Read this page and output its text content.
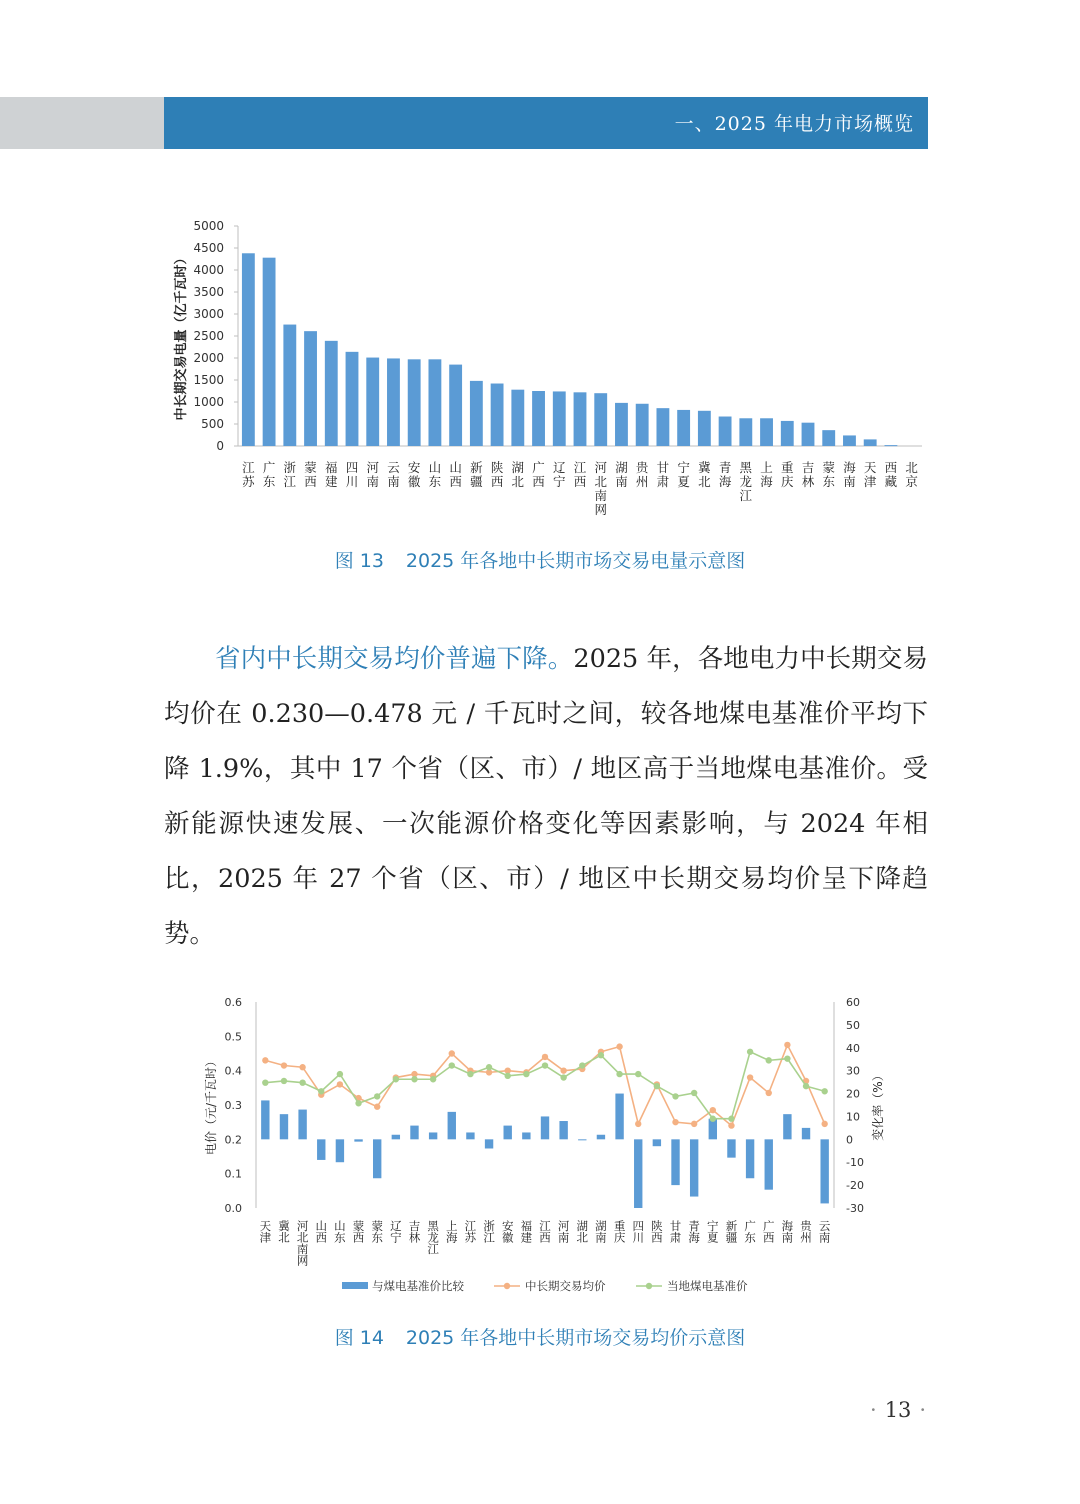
一、2025 年电力市场概览
0
500
1000
1500
2000
2500
3000
3500
4000
4500
5000
中长期交易电量（亿千瓦时）
江苏
广东
浙江
蒙西
福建
四川
河南
云南
安徽
山东
山西
新疆
陕西
湖北
广西
辽宁
江西
河北南网
湖南
贵州
甘肃
宁夏
冀北
青海
黑龙江
上海
重庆
吉林
蒙东
海南
天津
西藏
北京
图 13 2025 年各地中长期市场交易电量示意图
省内中长期交易均价普遍下降。2025 年，各地电力中长期交易均价在 0.230—0.478 元 / 千瓦时之间，较各地煤电基准价平均下降 1.9%，其中 17 个省（区、市）/ 地区高于当地煤电基准价。受新能源快速发展、一次能源价格变化等因素影响，与 2024 年相比，2025 年 27 个省（区、市）/ 地区中长期交易均价呈下降趋势。
0.0
0.1
0.2
0.3
0.4
0.5
0.6
-30
-20
-10
0
10
20
30
40
50
60
电价（元/千瓦时）	变化率（%）
天津
冀北
河北南网
山西
山东
蒙西
蒙东
辽宁
吉林
黑龙江
上海
江苏
浙江
安徽
福建
江西
河南
湖北
湖南
重庆
四川
陕西
甘肃
青海
宁夏
新疆
广东
广西
海南
贵州
云南
与煤电基准价比较	中长期交易均价	当地煤电基准价
图 14 2025 年各地中长期市场交易均价示意图
· 13 ·
